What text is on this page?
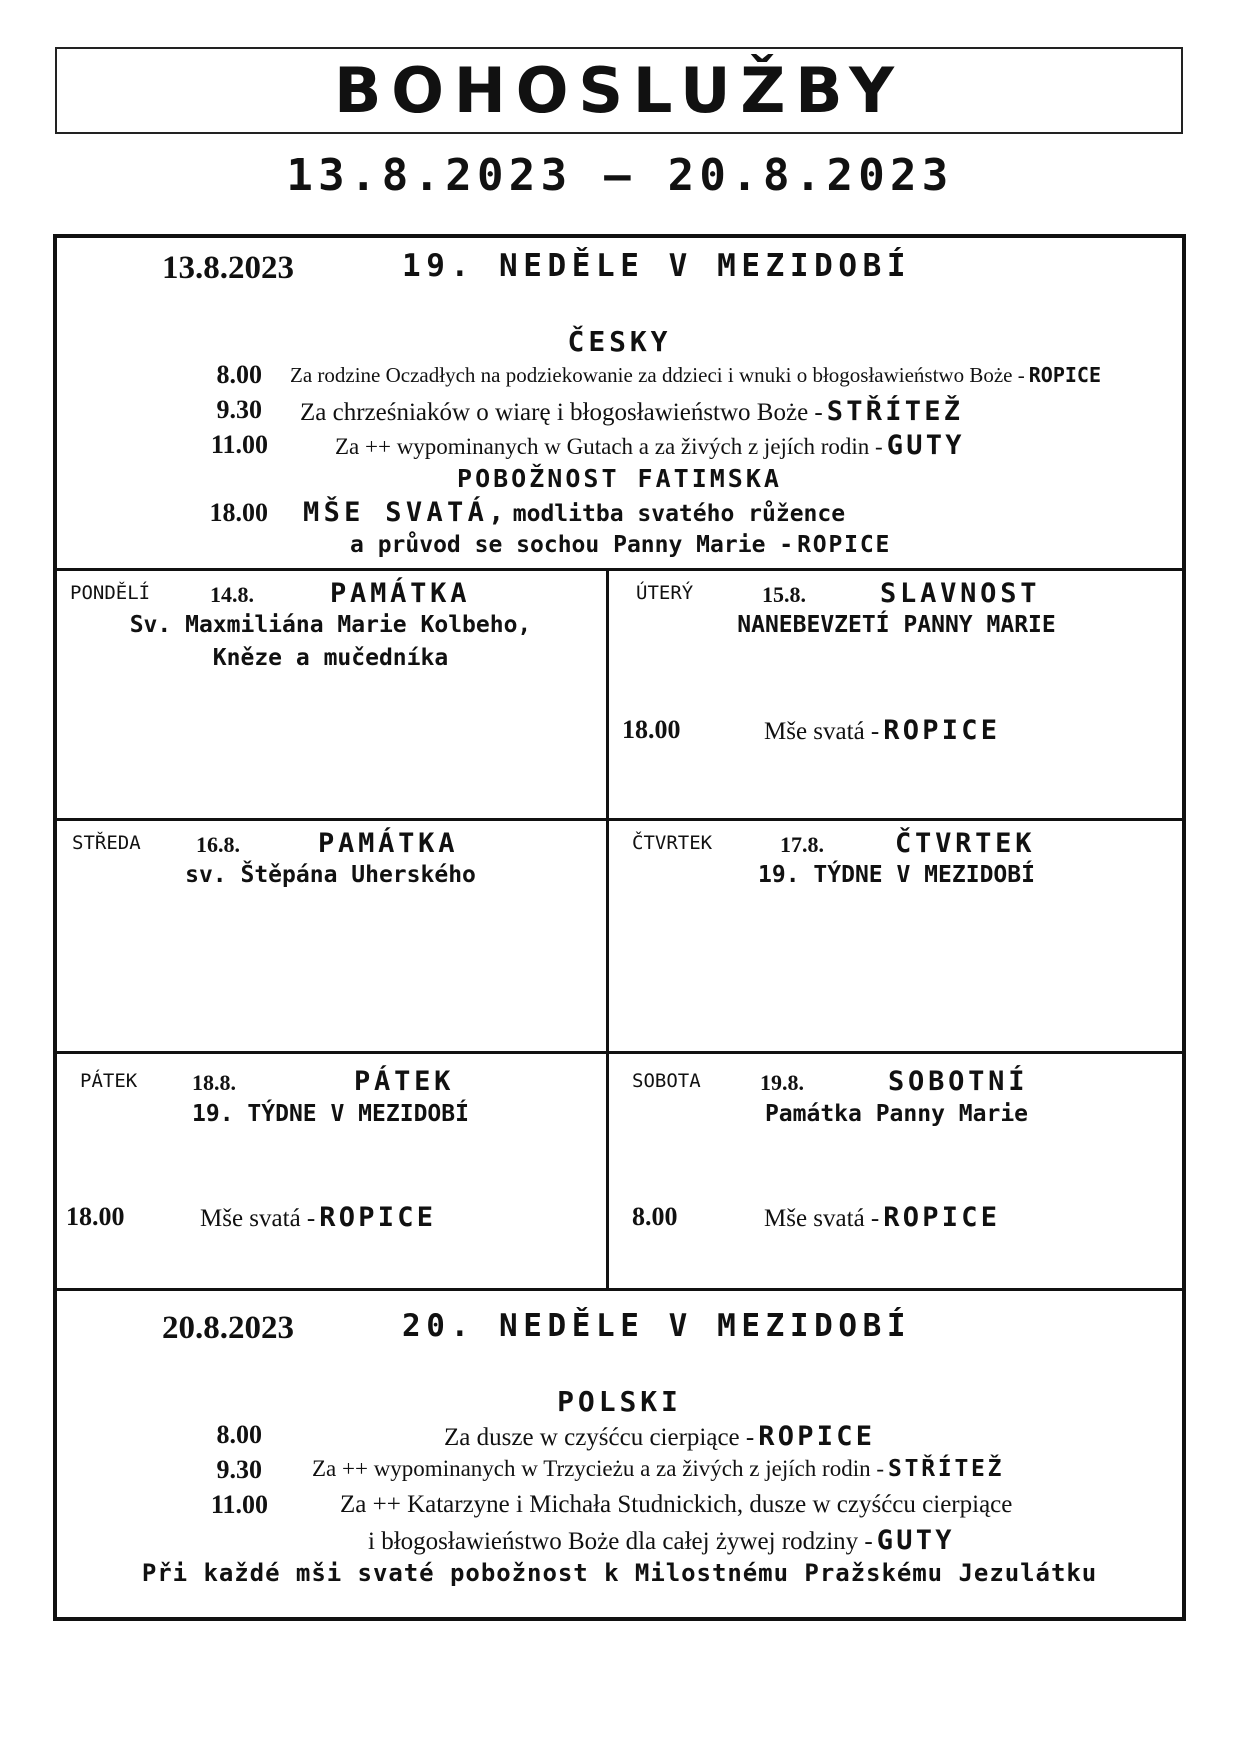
BOHOSLUŽBY
13.8.2023 – 20.8.2023
13.8.2023	19. NEDĚLE V MEZIDOBÍ
ČESKY
8.00 Za rodzine Oczadłych na podziekowanie za ddzieci i wnuki o błogosławieństwo Boże - ROPICE
9.30 Za chrześniaków o wiarę i błogosławieństwo Boże - STŘÍTEŽ
11.00	Za ++ wypominanych w Gutach a za živých z jejích rodin - GUTY
POBOŽNOST FATIMSKA
18.00 MŠE SVATÁ, modlitba svatého růžence
a průvod se sochou Panny Marie - ROPICE
PONDĚLÍ	14.8.	PAMÁTKA
Sv. Maxmiliána Marie Kolbeho,
Kněze a mučedníka
ÚTERÝ	15.8.	SLAVNOST
NANEBEVZETÍ PANNY MARIE
18.00	Mše svatá - ROPICE
STŘEDA	16.8.	PAMÁTKA
sv. Štěpána Uherského
ČTVRTEK	17.8.	ČTVRTEK
19. TÝDNE V MEZIDOBÍ
PÁTEK 18.8.	PÁTEK
19. TÝDNE V MEZIDOBÍ
18.00	Mše svatá - ROPICE
SOBOTA	19.8.	SOBOTNÍ
Památka Panny Marie
8.00	Mše svatá - ROPICE
20.8.2023	20. NEDĚLE V MEZIDOBÍ
POLSKI
8.00	Za dusze w czyśćcu cierpiące - ROPICE
9.30 Za ++ wypominanych w Trzycieżu a za živých z jejích rodin - STŘÍTEŽ
11.00	Za ++ Katarzyne i Michała Studnickich, dusze w czyśćcu cierpiące
i błogosławieństwo Boże dla całej żywej rodziny - GUTY
Při každé mši svaté pobožnost k Milostnému Pražskému Jezulátku
